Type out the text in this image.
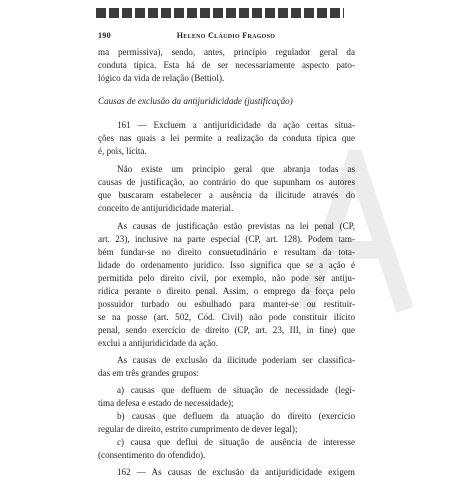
190	Heleno Cláudio Fragoso
ma permissiva), sendo, antes, princípio regulador geral da
conduta típica. Esta há de ser necessariamente aspecto pato-
lógico da vida de relação (Bettiol).
Causas de exclusão da antijuridicidade (justificação)
161 — Excluem a antijuridicidade da ação certas situa-
ções nas quais a lei permite a realização da conduta típica que
é, pois, lícita.
Não existe um princípio geral que abranja todas as
causas de justificação, ao contrário do que supunham os autores
que buscaram estabelecer a ausência da ilicitude através do
conceito de antijuridicidade material.
As causas de justificação estão previstas na lei penal (CP,
art. 23), inclusive na parte especial (CP, art. 128). Podem tam-
bém fundar-se no direito consuetudinário e resultam da tota-
lidade do ordenamento jurídico. Isso significa que se a ação é
permitida pelo direito civil, por exemplo, não pode ser antiju-
rídica perante o direito penal. Assim, o emprego da força pelo
possuidor turbado ou esbulhado para manter-se ou restituir-
se na posse (art. 502, Cód. Civil) não pode constituir ilícito
penal, sendo exercício de direito (CP, art. 23, III, in fine) que
exclui a antijuridicidade da ação.
As causas de exclusão da ilicitude poderiam ser classifica-
das em três grandes grupos:
a) causas que defluem de situação de necessidade (legí-
tima defesa e estado de necessidade);
b) causas que defluem da atuação do direito (exercício
regular de direito, estrito cumprimento de dever legal);
c) causa que deflui de situação de ausência de interesse
(consentimento do ofendido).
162 — As causas de exclusão da antijuridicidade exigem
